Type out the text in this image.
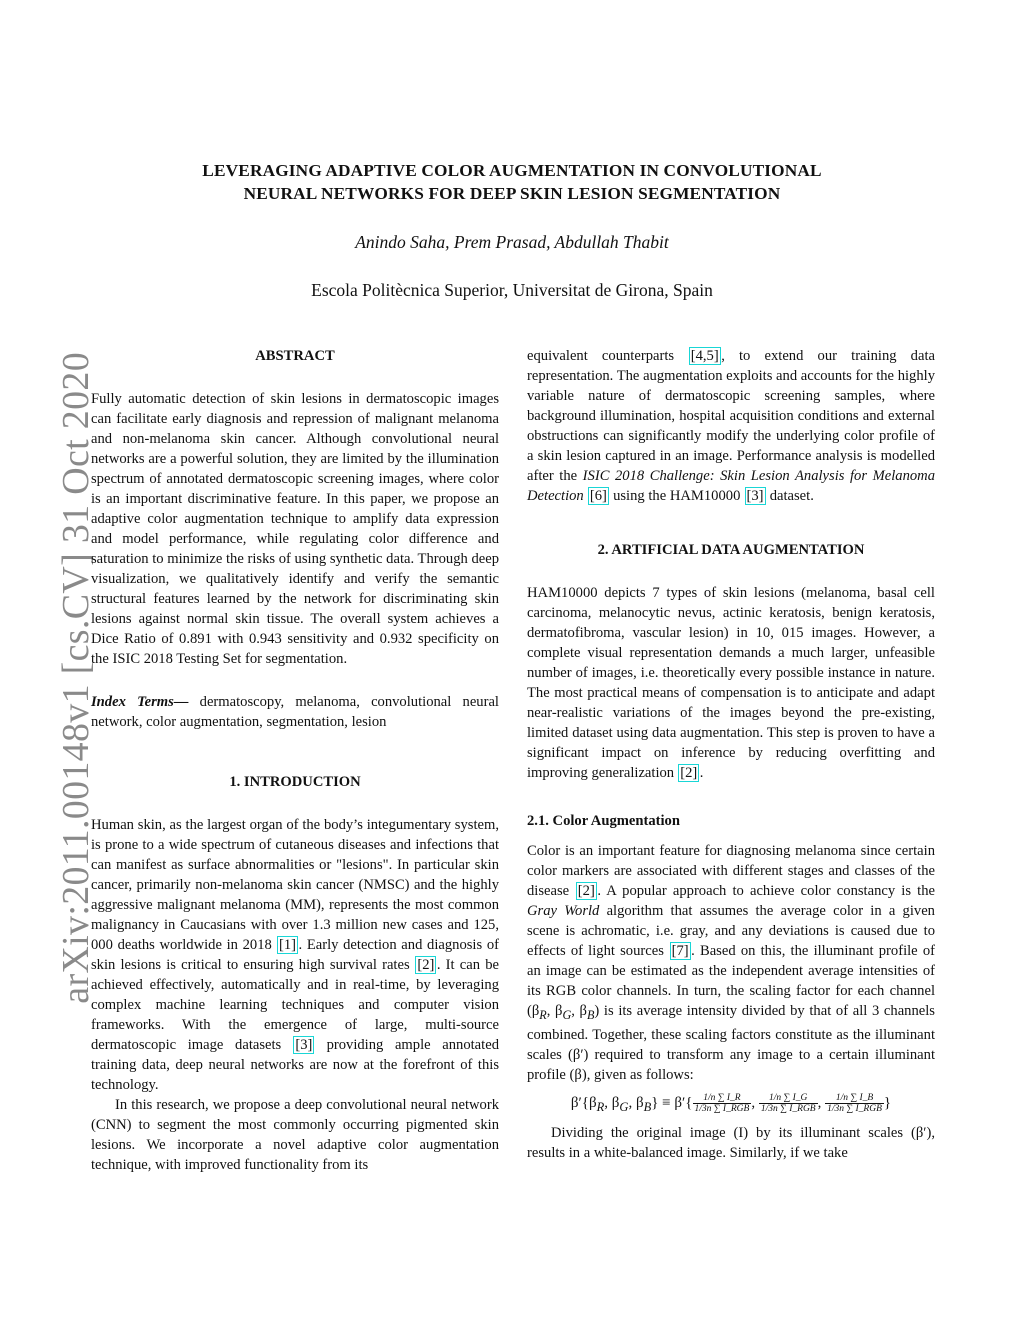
arXiv:2011.00148v1 [cs.CV] 31 Oct 2020
LEVERAGING ADAPTIVE COLOR AUGMENTATION IN CONVOLUTIONAL
NEURAL NETWORKS FOR DEEP SKIN LESION SEGMENTATION
Anindo Saha, Prem Prasad, Abdullah Thabit
Escola Politècnica Superior, Universitat de Girona, Spain
ABSTRACT

Fully automatic detection of skin lesions in dermatoscopic images can facilitate early diagnosis and repression of malignant melanoma and non-melanoma skin cancer. Although convolutional neural networks are a powerful solution, they are limited by the illumination spectrum of annotated dermatoscopic screening images, where color is an important discriminative feature. In this paper, we propose an adaptive color augmentation technique to amplify data expression and model performance, while regulating color difference and saturation to minimize the risks of using synthetic data. Through deep visualization, we qualitatively identify and verify the semantic structural features learned by the network for discriminating skin lesions against normal skin tissue. The overall system achieves a Dice Ratio of 0.891 with 0.943 sensitivity and 0.932 specificity on the ISIC 2018 Testing Set for segmentation.

Index Terms— dermatoscopy, melanoma, convolutional neural network, color augmentation, segmentation, lesion

1. INTRODUCTION

Human skin, as the largest organ of the body’s integumentary system, is prone to a wide spectrum of cutaneous diseases and infections that can manifest as surface abnormalities or "lesions". In particular skin cancer, primarily non-melanoma skin cancer (NMSC) and the highly aggressive malignant melanoma (MM), represents the most common malignancy in Caucasians with over 1.3 million new cases and 125, 000 deaths worldwide in 2018 [1] . Early detection and diagnosis of skin lesions is critical to ensuring high survival rates [2] . It can be achieved effectively, automatically and in real-time, by leveraging complex machine learning techniques and computer vision frameworks. With the emergence of large, multi-source dermatoscopic image datasets [3] providing ample annotated training data, deep neural networks are now at the forefront of this technology.

In this research, we propose a deep convolutional neural network (CNN) to segment the most commonly occurring pigmented skin lesions. We incorporate a novel adaptive color augmentation technique, with improved functionality from its

equivalent counterparts [4,5] , to extend our training data representation. The augmentation exploits and accounts for the highly variable nature of dermatoscopic screening samples, where background illumination, hospital acquisition conditions and external obstructions can significantly modify the underlying color profile of a skin lesion captured in an image. Performance analysis is modelled after the ISIC 2018 Challenge: Skin Lesion Analysis for Melanoma Detection [6] using the HAM10000 [3] dataset.

2. ARTIFICIAL DATA AUGMENTATION

HAM10000 depicts 7 types of skin lesions (melanoma, basal cell carcinoma, melanocytic nevus, actinic keratosis, benign keratosis, dermatofibroma, vascular lesion) in 10, 015 images. However, a complete visual representation demands a much larger, unfeasible number of images, i.e. theoretically every possible instance in nature. The most practical means of compensation is to anticipate and adapt near-realistic variations of the images beyond the pre-existing, limited dataset using data augmentation. This step is proven to have a significant impact on inference by reducing overfitting and improving generalization [2] .

2.1. Color Augmentation

Color is an important feature for diagnosing melanoma since certain color markers are associated with different stages and classes of the disease [2] . A popular approach to achieve color constancy is the Gray World algorithm that assumes the average color in a given scene is achromatic, i.e. gray, and any deviations is caused due to effects of light sources [7] . Based on this, the illuminant profile of an image can be estimated as the independent average intensities of its RGB color channels. In turn, the scaling factor for each channel ($\beta_R$, $\beta_G$, $\beta_B$) is its average intensity divided by that of all 3 channels combined. Together, these scaling factors constitute as the illuminant scales (β′) required to transform any image to a certain illuminant profile (β), given as follows:

$\beta'\{\beta_R$, $\beta_G$, $\beta_B\} \equiv \beta'\{ \frac{1/n \sum I\_R}{\text{1/3n ∑ I\_RGB}}$ , $\frac{1/n \sum I\_G}{\text{1/3n ∑ I\_RGB}}$ , $\frac{1/n \sum I\_B}{\text{1/3n ∑ I\_RGB}}$ }

Dividing the original image (I) by its illuminant scales (β′), results in a white-balanced image. Similarly, if we take
